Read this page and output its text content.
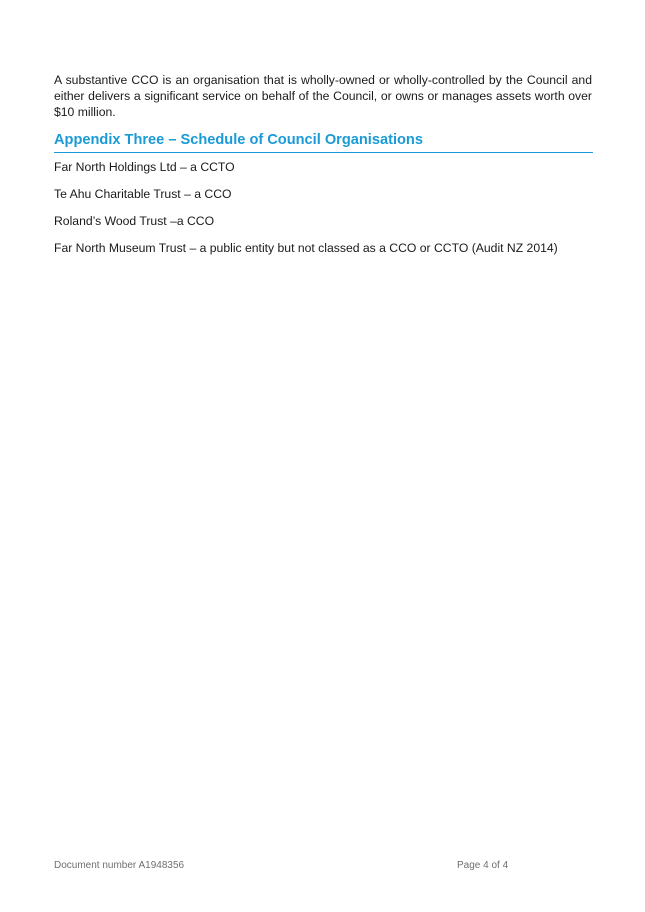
A substantive CCO is an organisation that is wholly-owned or wholly-controlled by the Council and either delivers a significant service on behalf of the Council, or owns or manages assets worth over $10 million.

Appendix Three – Schedule of Council Organisations
Far North Holdings Ltd – a CCTO
Te Ahu Charitable Trust – a CCO
Roland’s Wood Trust –a CCO
Far North Museum Trust – a public entity but not classed as a CCO or CCTO (Audit NZ 2014)

Document number A1948356	Page 4 of 4
